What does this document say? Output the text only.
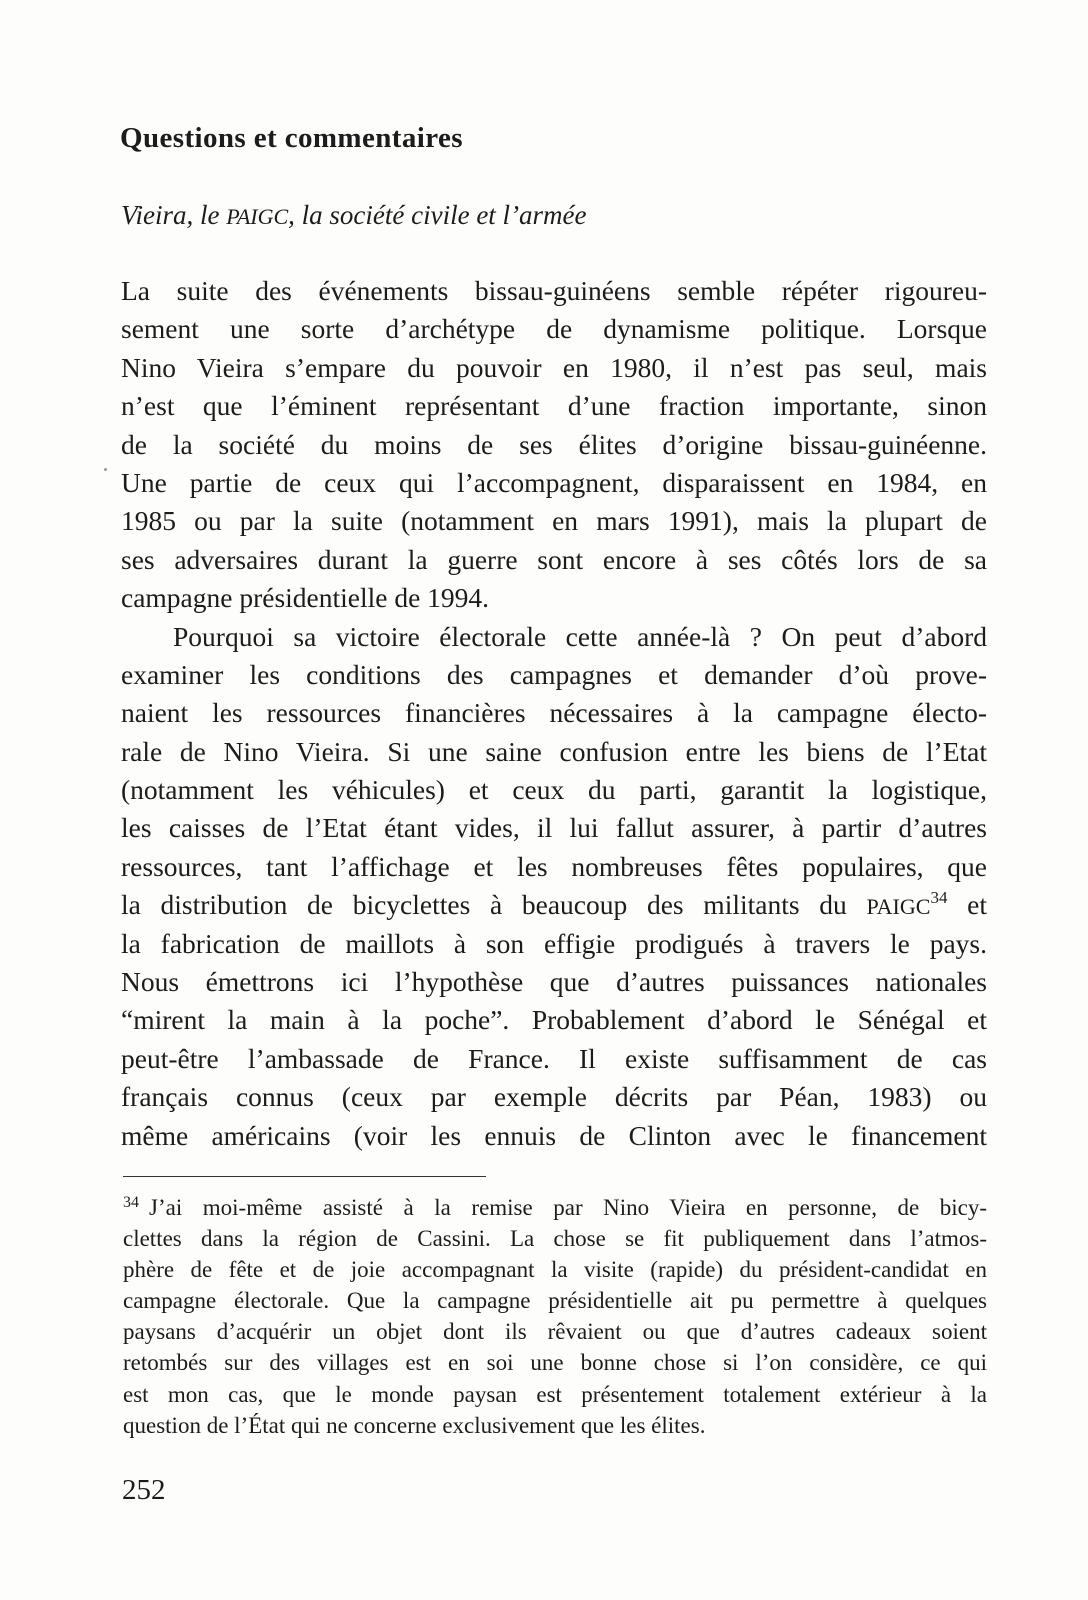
Questions et commentaires
Vieira, le PAIGC, la société civile et l’armée
La suite des événements bissau-guinéens semble répéter rigoureu-
sement une sorte d’archétype de dynamisme politique. Lorsque
Nino Vieira s’empare du pouvoir en 1980, il n’est pas seul, mais
n’est que l’éminent représentant d’une fraction importante, sinon
de la société du moins de ses élites d’origine bissau-guinéenne.
Une partie de ceux qui l’accompagnent, disparaissent en 1984, en
1985 ou par la suite (notamment en mars 1991), mais la plupart de
ses adversaires durant la guerre sont encore à ses côtés lors de sa
campagne présidentielle de 1994.
Pourquoi sa victoire électorale cette année-là ? On peut d’abord
examiner les conditions des campagnes et demander d’où prove-
naient les ressources financières nécessaires à la campagne électo-
rale de Nino Vieira. Si une saine confusion entre les biens de l’Etat
(notamment les véhicules) et ceux du parti, garantit la logistique,
les caisses de l’Etat étant vides, il lui fallut assurer, à partir d’autres
ressources, tant l’affichage et les nombreuses fêtes populaires, que
la distribution de bicyclettes à beaucoup des militants du PAIGC$^{34}$ et
la fabrication de maillots à son effigie prodigués à travers le pays.
Nous émettrons ici l’hypothèse que d’autres puissances nationales
“mirent la main à la poche”. Probablement d’abord le Sénégal et
peut-être l’ambassade de France. Il existe suffisamment de cas
français connus (ceux par exemple décrits par Péan, 1983) ou
même américains (voir les ennuis de Clinton avec le financement
$^{34}$ J’ai moi-même assisté à la remise par Nino Vieira en personne, de bicy-
clettes dans la région de Cassini. La chose se fit publiquement dans l’atmos-
phère de fête et de joie accompagnant la visite (rapide) du président-candidat en
campagne électorale. Que la campagne présidentielle ait pu permettre à quelques
paysans d’acquérir un objet dont ils rêvaient ou que d’autres cadeaux soient
retombés sur des villages est en soi une bonne chose si l’on considère, ce qui
est mon cas, que le monde paysan est présentement totalement extérieur à la
question de l’État qui ne concerne exclusivement que les élites.
252
